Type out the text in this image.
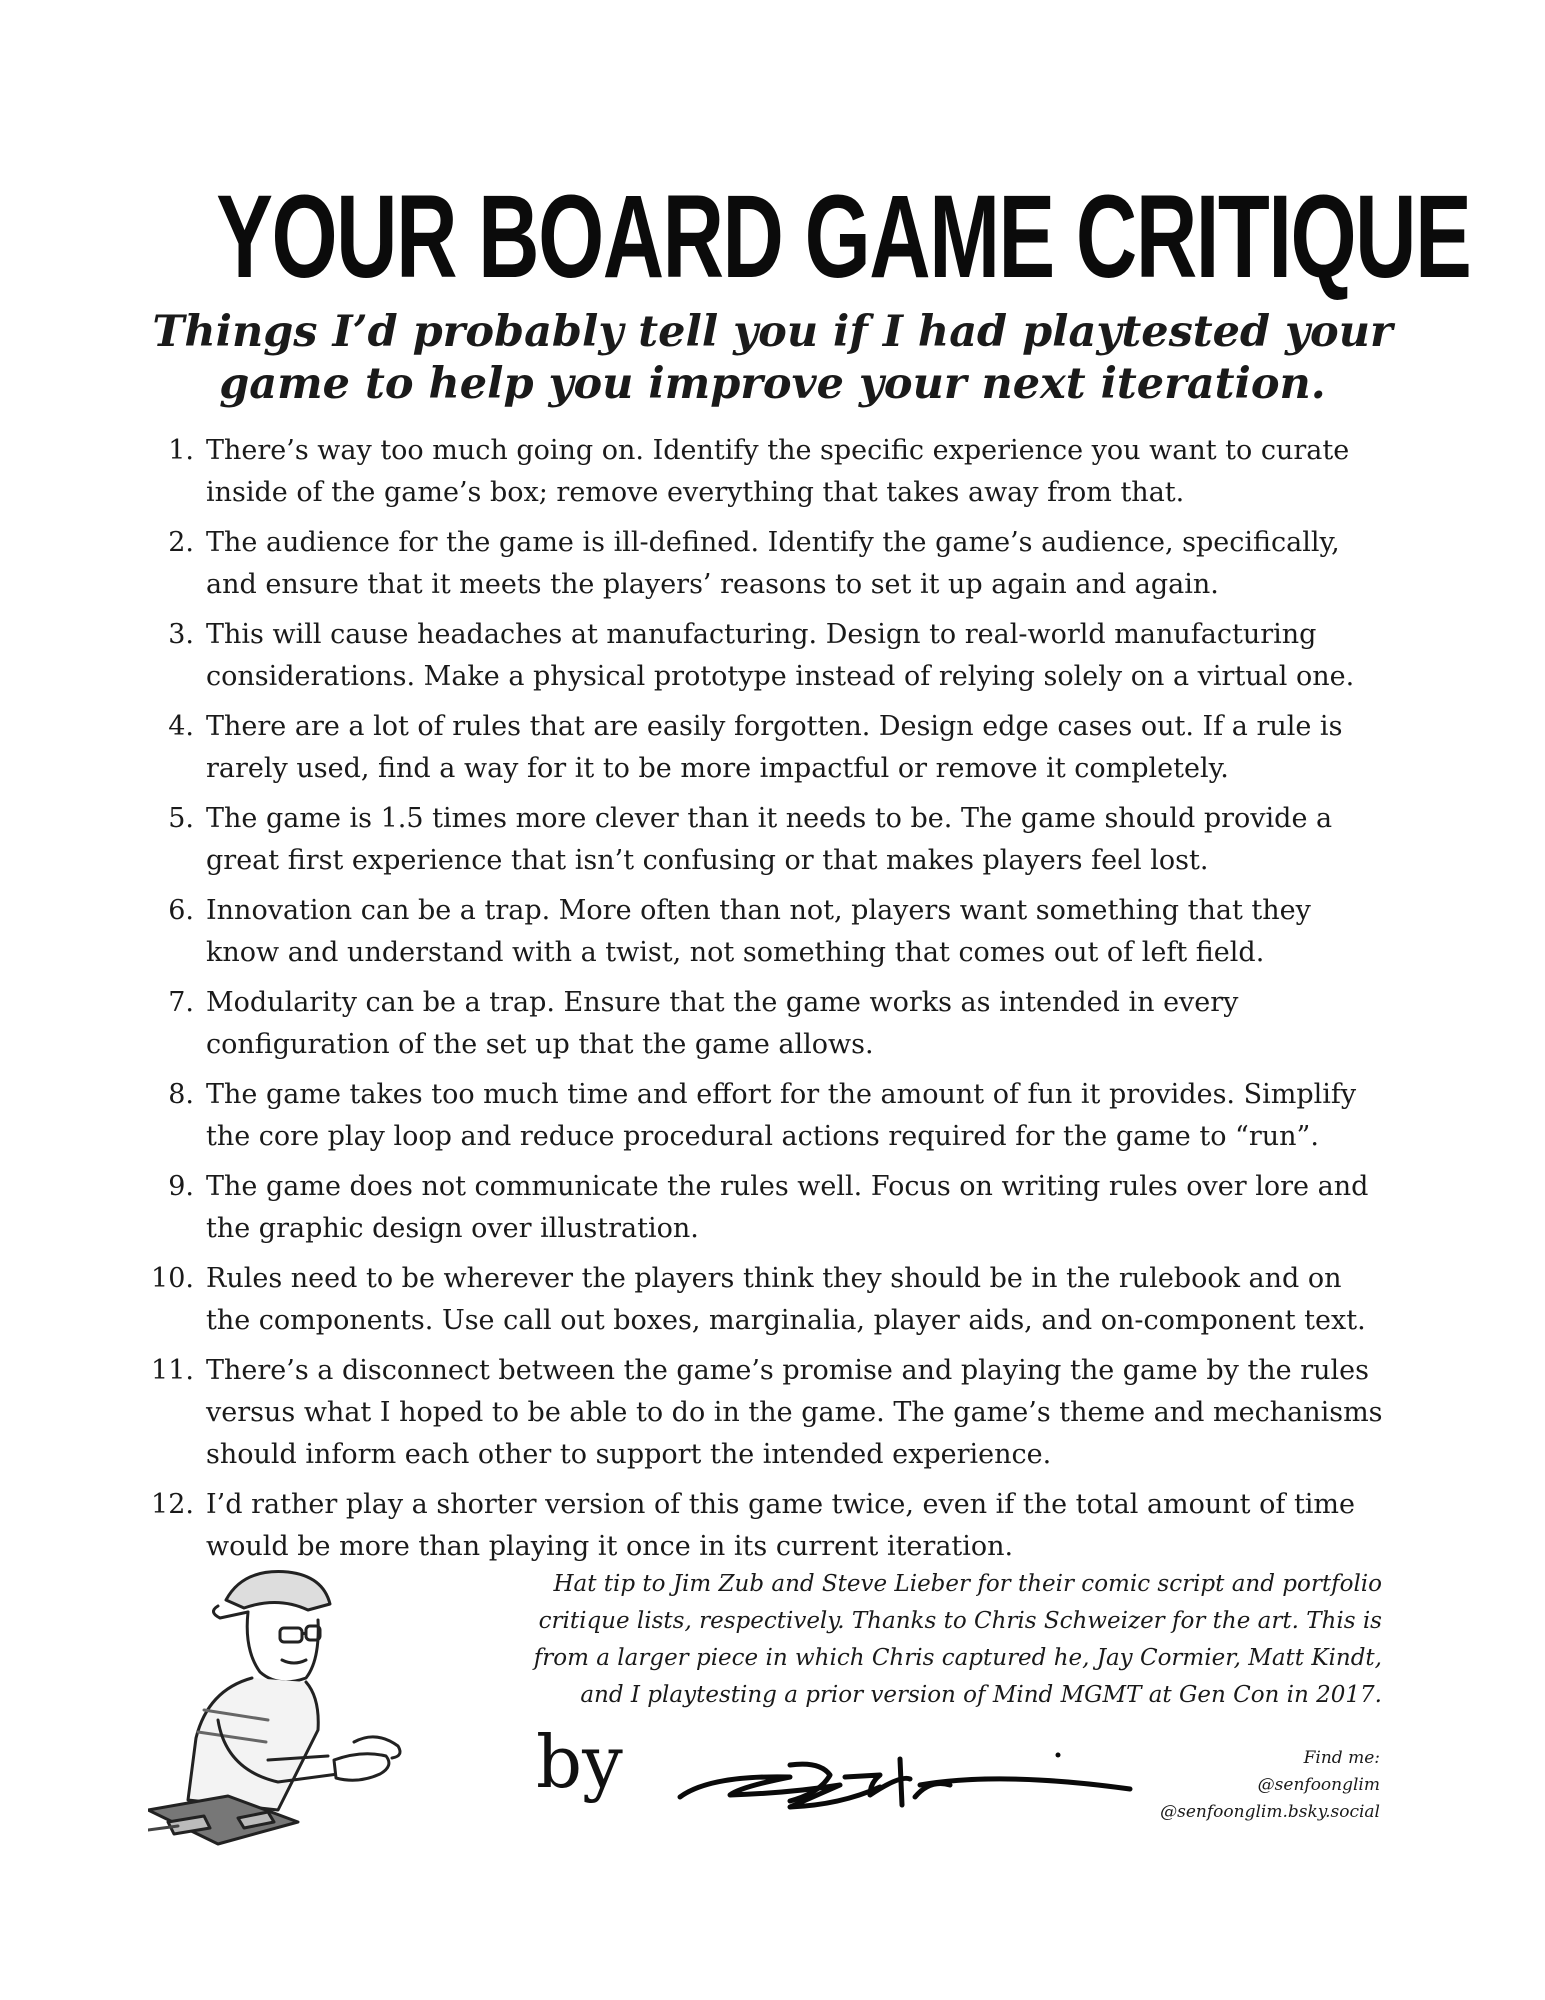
YOUR BOARD GAME CRITIQUE
Things I’d probably tell you if I had playtested your game to help you improve your next iteration.
1. There’s way too much going on. Identify the specific experience you want to curate inside of the game’s box; remove everything that takes away from that.
2. The audience for the game is ill-defined. Identify the game’s audience, specifically, and ensure that it meets the players’ reasons to set it up again and again.
3. This will cause headaches at manufacturing. Design to real-world manufacturing considerations. Make a physical prototype instead of relying solely on a virtual one.
4. There are a lot of rules that are easily forgotten. Design edge cases out. If a rule is rarely used, find a way for it to be more impactful or remove it completely.
5. The game is 1.5 times more clever than it needs to be. The game should provide a great first experience that isn’t confusing or that makes players feel lost.
6. Innovation can be a trap. More often than not, players want something that they know and understand with a twist, not something that comes out of left field.
7. Modularity can be a trap. Ensure that the game works as intended in every configuration of the set up that the game allows.
8. The game takes too much time and effort for the amount of fun it provides. Simplify the core play loop and reduce procedural actions required for the game to “run”.
9. The game does not communicate the rules well. Focus on writing rules over lore and the graphic design over illustration.
10. Rules need to be wherever the players think they should be in the rulebook and on the components. Use call out boxes, marginalia, player aids, and on-component text.
11. There’s a disconnect between the game’s promise and playing the game by the rules versus what I hoped to be able to do in the game. The game’s theme and mechanisms should inform each other to support the intended experience.
12. I’d rather play a shorter version of this game twice, even if the total amount of time would be more than playing it once in its current iteration.
Hat tip to Jim Zub and Steve Lieber for their comic script and portfolio critique lists, respectively. Thanks to Chris Schweizer for the art. This is from a larger piece in which Chris captured he, Jay Cormier, Matt Kindt, and I playtesting a prior version of Mind MGMT at Gen Con in 2017.
by	Find me:
@senfoonglim
@senfoonglim.bsky.social
